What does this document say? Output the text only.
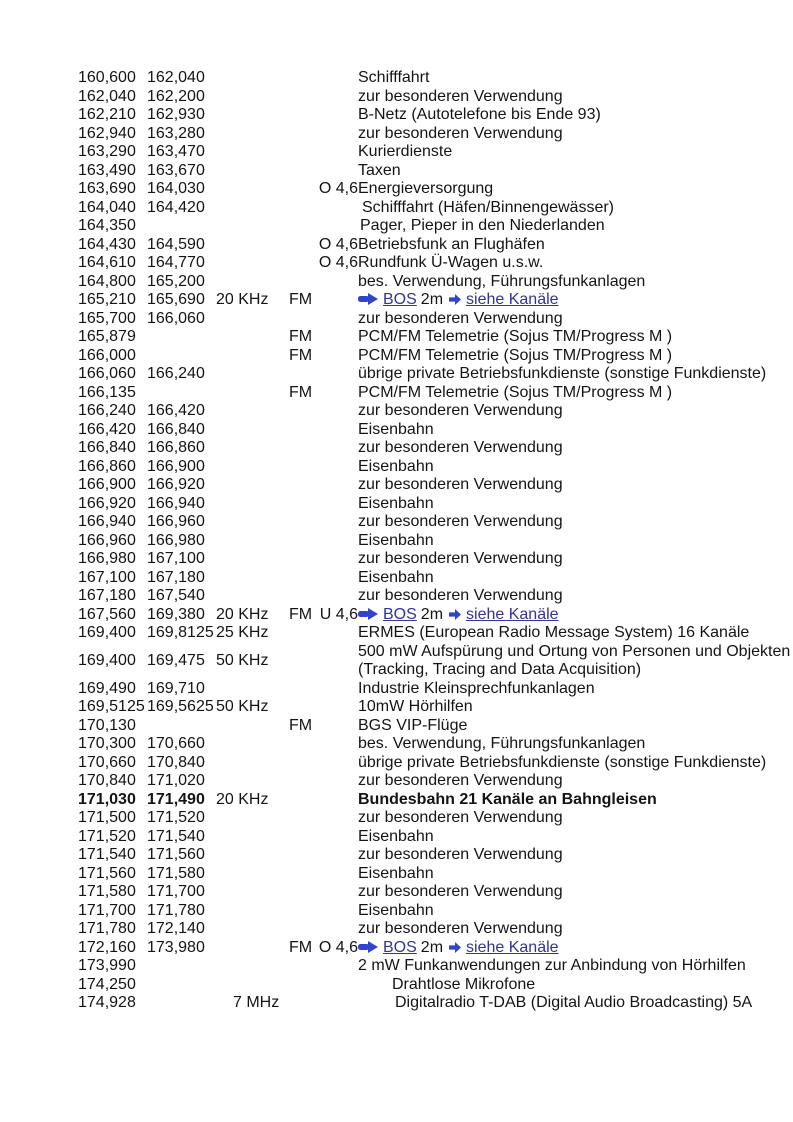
160,600	162,040				Schifffahrt
162,040	162,200				zur besonderen Verwendung
162,210	162,930				B-Netz (Autotelefone bis Ende 93)
162,940	163,280				zur besonderen Verwendung
163,290	163,470				Kurierdienste
163,490	163,670				Taxen
163,690	164,030			O 4,6	Energieversorgung
164,040	164,420				Schifffahrt (Häfen/Binnengewässer)
164,350					Pager, Pieper in den Niederlanden
164,430	164,590			O 4,6	Betriebsfunk an Flughäfen
164,610	164,770			O 4,6	Rundfunk Ü-Wagen u.s.w.
164,800	165,200				bes. Verwendung, Führungsfunkanlagen
165,210	165,690	20 KHz	FM		BOS 2m siehe Kanäle
165,700	166,060				zur besonderen Verwendung
165,879			FM		PCM/FM Telemetrie (Sojus TM/Progress M )
166,000			FM		PCM/FM Telemetrie (Sojus TM/Progress M )
166,060	166,240				übrige private Betriebsfunkdienste (sonstige Funkdienste)
166,135			FM		PCM/FM Telemetrie (Sojus TM/Progress M )
166,240	166,420				zur besonderen Verwendung
166,420	166,840				Eisenbahn
166,840	166,860				zur besonderen Verwendung
166,860	166,900				Eisenbahn
166,900	166,920				zur besonderen Verwendung
166,920	166,940				Eisenbahn
166,940	166,960				zur besonderen Verwendung
166,960	166,980				Eisenbahn
166,980	167,100				zur besonderen Verwendung
167,100	167,180				Eisenbahn
167,180	167,540				zur besonderen Verwendung
167,560	169,380	20 KHz	FM	U 4,6	BOS 2m siehe Kanäle
169,400	169,8125	25 KHz			ERMES (European Radio Message System) 16 Kanäle
169,400	169,475	50 KHz			500 mW Aufspürung und Ortung von Personen und Objekten
(Tracking, Tracing and Data Acquisition)
169,490	169,710				Industrie Kleinsprechfunkanlagen
169,5125	169,5625	50 KHz			10mW Hörhilfen
170,130			FM		BGS VIP-Flüge
170,300	170,660				bes. Verwendung, Führungsfunkanlagen
170,660	170,840				übrige private Betriebsfunkdienste (sonstige Funkdienste)
170,840	171,020				zur besonderen Verwendung
171,030	171,490	20 KHz			Bundesbahn 21 Kanäle an Bahngleisen
171,500	171,520				zur besonderen Verwendung
171,520	171,540				Eisenbahn
171,540	171,560				zur besonderen Verwendung
171,560	171,580				Eisenbahn
171,580	171,700				zur besonderen Verwendung
171,700	171,780				Eisenbahn
171,780	172,140				zur besonderen Verwendung
172,160	173,980		FM	O 4,6	BOS 2m siehe Kanäle
173,990					2 mW Funkanwendungen zur Anbindung von Hörhilfen
174,250					Drahtlose Mikrofone
174,928		7 MHz			Digitalradio T-DAB (Digital Audio Broadcasting) 5A
